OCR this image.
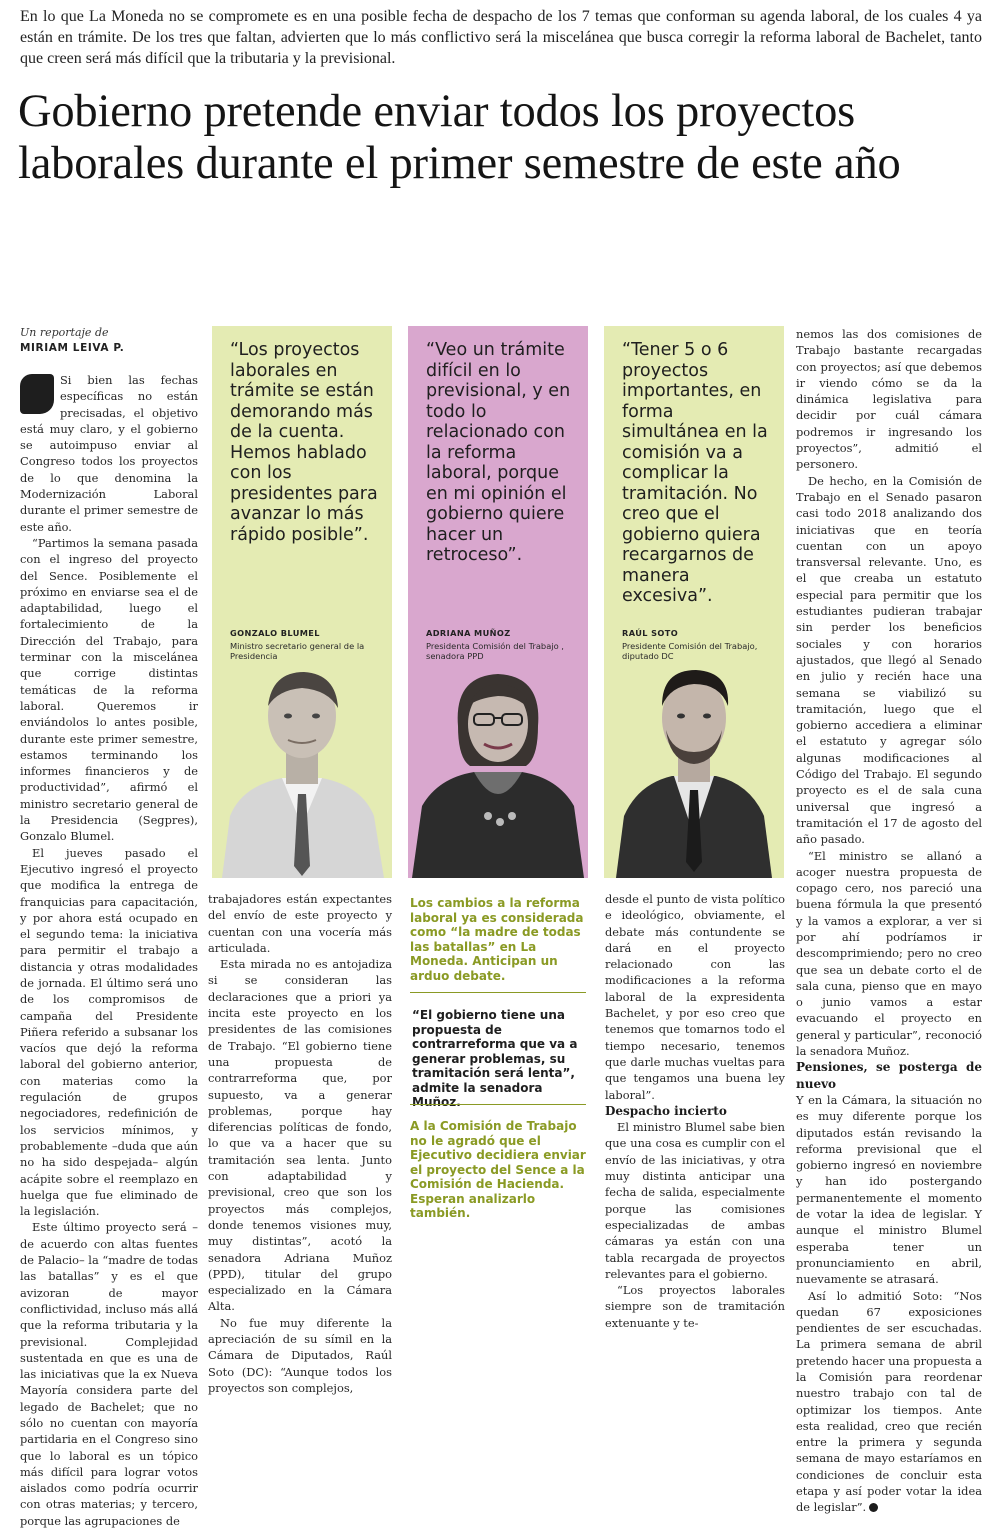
En lo que La Moneda no se compromete es en una posible fecha de despacho de los 7 temas que conforman su agenda laboral, de los cuales 4 ya están en trámite. De los tres que faltan, advierten que lo más conflictivo será la miscelánea que busca corregir la reforma laboral de Bachelet, tanto que creen será más difícil que la tributaria y la previsional.
Gobierno pretende enviar todos los proyectos laborales durante el primer semestre de este año
Un reportaje de
MIRIAM LEIVA P.

Si bien las fechas específicas no están precisadas, el objetivo está muy claro, y el gobierno se autoimpuso enviar al Congreso todos los proyectos de lo que denomina la Modernización Laboral durante el primer semestre de este año.

“Partimos la semana pasada con el ingreso del proyecto del Sence. Posiblemente el próximo en enviarse sea el de adaptabilidad, luego el fortalecimiento de la Dirección del Trabajo, para terminar con la miscelánea que corrige distintas temáticas de la reforma laboral. Queremos ir enviándolos lo antes posible, durante este primer semestre, estamos terminando los informes financieros y de productividad”, afirmó el ministro secretario general de la Presidencia (Segpres), Gonzalo Blumel.

El jueves pasado el Ejecutivo ingresó el proyecto que modifica la entrega de franquicias para capacitación, y por ahora está ocupado en el segundo tema: la iniciativa para permitir el trabajo a distancia y otras modalidades de jornada. El último será uno de los compromisos de campaña del Presidente Piñera referido a subsanar los vacíos que dejó la reforma laboral del gobierno anterior, con materias como la regulación de grupos negociadores, redefinición de los servicios mínimos, y probablemente –duda que aún no ha sido despejada– algún acápite sobre el reemplazo en huelga que fue eliminado de la legislación.

Este último proyecto será –de acuerdo con altas fuentes de Palacio– la “madre de todas las batallas” y es el que avizoran de mayor conflictividad, incluso más allá que la reforma tributaria y la previsional. Complejidad sustentada en que es una de las iniciativas que la ex Nueva Mayoría considera parte del legado de Bachelet; que no sólo no cuentan con mayoría partidaria en el Congreso sino que lo laboral es un tópico más difícil para lograr votos aislados como podría ocurrir con otras materias; y tercero, porque las agrupaciones de

“Los proyectos laborales en trámite se están demorando más de la cuenta. Hemos hablado con los presidentes para avanzar lo más rápido posible”.
GONZALO BLUMEL
Ministro secretario general de la Presidencia
“Veo un trámite difícil en lo previsional, y en todo lo relacionado con la reforma laboral, porque en mi opinión el gobierno quiere hacer un retroceso”.
ADRIANA MUÑOZ
Presidenta Comisión del Trabajo , senadora PPD
“Tener 5 o 6 proyectos importantes, en forma simultánea en la comisión va a complicar la tramitación. No creo que el gobierno quiera recargarnos de manera excesiva”.
RAÚL SOTO
Presidente Comisión del Trabajo, diputado DC

trabajadores están expectantes del envío de este proyecto y cuentan con una vocería más articulada.

Esta mirada no es antojadiza si se consideran las declaraciones que a priori ya incita este proyecto en los presidentes de las comisiones de Trabajo. “El gobierno tiene una propuesta de contrarreforma que, por supuesto, va a generar problemas, porque hay diferencias políticas de fondo, lo que va a hacer que su tramitación sea lenta. Junto con adaptabilidad y previsional, creo que son los proyectos más complejos, donde tenemos visiones muy, muy distintas”, acotó la senadora Adriana Muñoz (PPD), titular del grupo especializado en la Cámara Alta.

No fue muy diferente la apreciación de su símil en la Cámara de Diputados, Raúl Soto (DC): “Aunque todos los proyectos son complejos,

Los cambios a la reforma laboral ya es considerada como “la madre de todas las batallas” en La Moneda. Anticipan un arduo debate.
“El gobierno tiene una propuesta de contrarreforma que va a generar problemas, su tramitación será lenta”, admite la senadora Muñoz.
A la Comisión de Trabajo no le agradó que el Ejecutivo decidiera enviar el proyecto del Sence a la Comisión de Hacienda. Esperan analizarlo también.

desde el punto de vista político e ideológico, obviamente, el debate más contundente se dará en el proyecto relacionado con las modificaciones a la reforma laboral de la expresidenta Bachelet, y por eso creo que tenemos que tomarnos todo el tiempo necesario, tenemos que darle muchas vueltas para que tengamos una buena ley laboral”.

Despacho incierto

El ministro Blumel sabe bien que una cosa es cumplir con el envío de las iniciativas, y otra muy distinta anticipar una fecha de salida, especialmente porque las comisiones especializadas de ambas cámaras ya están con una tabla recargada de proyectos relevantes para el gobierno.

“Los proyectos laborales siempre son de tramitación extenuante y te-

nemos las dos comisiones de Trabajo bastante recargadas con proyectos; así que debemos ir viendo cómo se da la dinámica legislativa para decidir por cuál cámara podremos ir ingresando los proyectos”, admitió el personero.

De hecho, en la Comisión de Trabajo en el Senado pasaron casi todo 2018 analizando dos iniciativas que en teoría cuentan con un apoyo transversal relevante. Uno, es el que creaba un estatuto especial para permitir que los estudiantes pudieran trabajar sin perder los beneficios sociales y con horarios ajustados, que llegó al Senado en julio y recién hace una semana se viabilizó su tramitación, luego que el gobierno accediera a eliminar el estatuto y agregar sólo algunas modificaciones al Código del Trabajo. El segundo proyecto es el de sala cuna universal que ingresó a tramitación el 17 de agosto del año pasado.

“El ministro se allanó a acoger nuestra propuesta de copago cero, nos pareció una buena fórmula la que presentó y la vamos a explorar, a ver si por ahí podríamos ir descomprimiendo; pero no creo que sea un debate corto el de sala cuna, pienso que en mayo o junio vamos a estar evacuando el proyecto en general y particular”, reconoció la senadora Muñoz.

Pensiones, se posterga de nuevo

Y en la Cámara, la situación no es muy diferente porque los diputados están revisando la reforma previsional que el gobierno ingresó en noviembre y han ido postergando permanentemente el momento de votar la idea de legislar. Y aunque el ministro Blumel esperaba tener un pronunciamiento en abril, nuevamente se atrasará.

Así lo admitió Soto: “Nos quedan 67 exposiciones pendientes de ser escuchadas. La primera semana de abril pretendo hacer una propuesta a la Comisión para reordenar nuestro trabajo con tal de optimizar los tiempos. Ante esta realidad, creo que recién entre la primera y segunda semana de mayo estaríamos en condiciones de concluir esta etapa y así poder votar la idea de legislar”.
